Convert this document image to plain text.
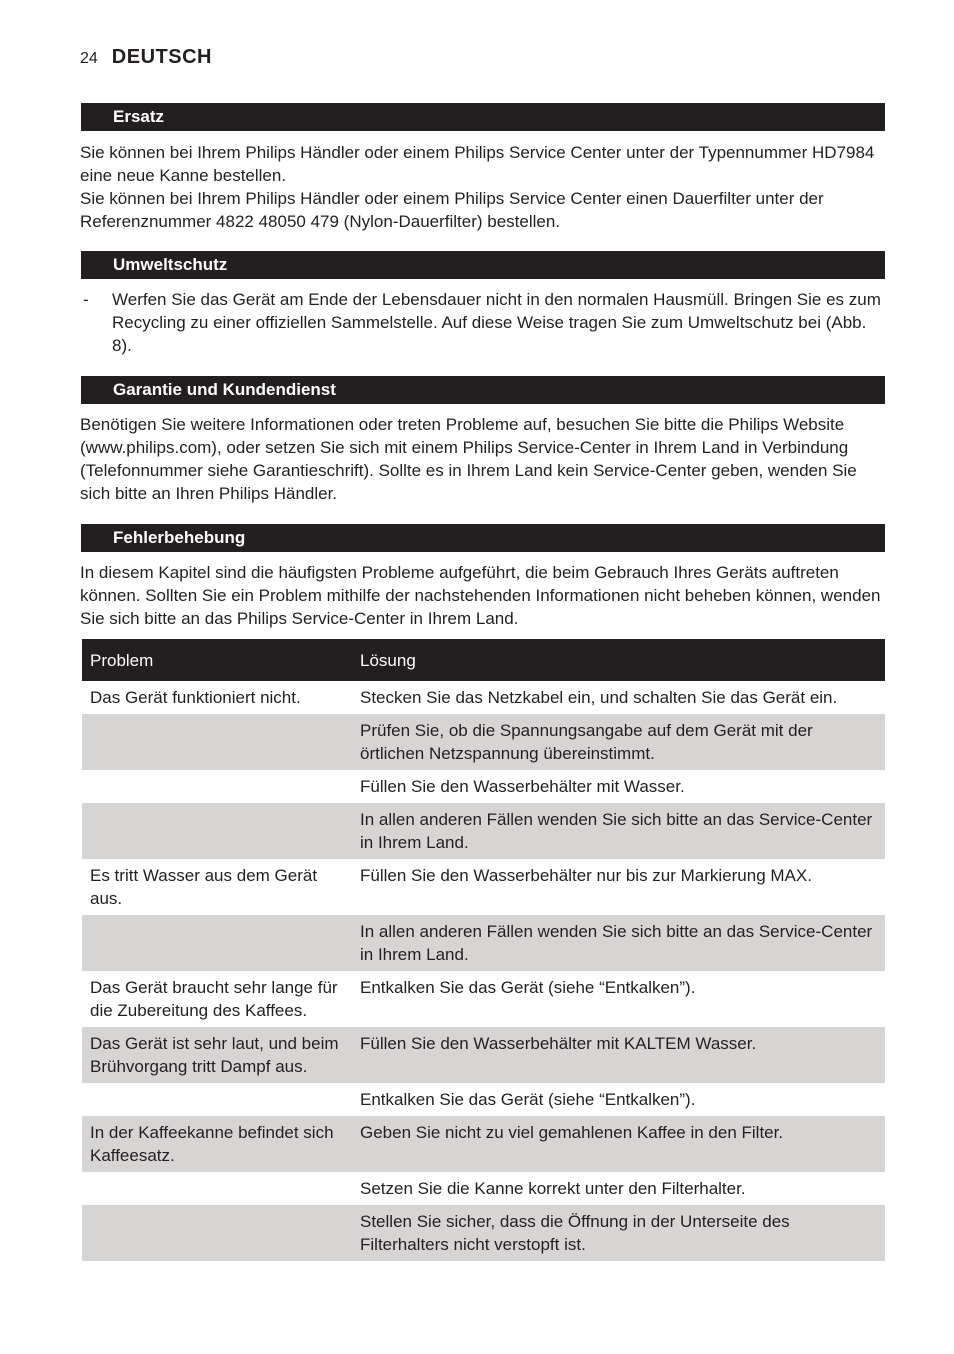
24 DEUTSCH
Ersatz
Sie können bei Ihrem Philips Händler oder einem Philips Service Center unter der Typennummer HD7984 eine neue Kanne bestellen.
Sie können bei Ihrem Philips Händler oder einem Philips Service Center einen Dauerfilter unter der Referenznummer 4822 48050 479 (Nylon-Dauerfilter) bestellen.
Umweltschutz
- Werfen Sie das Gerät am Ende der Lebensdauer nicht in den normalen Hausmüll. Bringen Sie es zum Recycling zu einer offiziellen Sammelstelle. Auf diese Weise tragen Sie zum Umweltschutz bei (Abb. 8).
Garantie und Kundendienst
Benötigen Sie weitere Informationen oder treten Probleme auf, besuchen Sie bitte die Philips Website (www.philips.com), oder setzen Sie sich mit einem Philips Service-Center in Ihrem Land in Verbindung (Telefonnummer siehe Garantieschrift). Sollte es in Ihrem Land kein Service-Center geben, wenden Sie sich bitte an Ihren Philips Händler.
Fehlerbehebung
In diesem Kapitel sind die häufigsten Probleme aufgeführt, die beim Gebrauch Ihres Geräts auftreten können. Sollten Sie ein Problem mithilfe der nachstehenden Informationen nicht beheben können, wenden Sie sich bitte an das Philips Service-Center in Ihrem Land.
Problem	Lösung
Das Gerät funktioniert nicht.	Stecken Sie das Netzkabel ein, und schalten Sie das Gerät ein.
	Prüfen Sie, ob die Spannungsangabe auf dem Gerät mit der örtlichen Netzspannung übereinstimmt.
	Füllen Sie den Wasserbehälter mit Wasser.
	In allen anderen Fällen wenden Sie sich bitte an das Service-Center in Ihrem Land.
Es tritt Wasser aus dem Gerät aus.	Füllen Sie den Wasserbehälter nur bis zur Markierung MAX.
	In allen anderen Fällen wenden Sie sich bitte an das Service-Center in Ihrem Land.
Das Gerät braucht sehr lange für die Zubereitung des Kaffees.	Entkalken Sie das Gerät (siehe “Entkalken”).
Das Gerät ist sehr laut, und beim Brühvorgang tritt Dampf aus.	Füllen Sie den Wasserbehälter mit KALTEM Wasser.
	Entkalken Sie das Gerät (siehe “Entkalken”).
In der Kaffeekanne befindet sich Kaffeesatz.	Geben Sie nicht zu viel gemahlenen Kaffee in den Filter.
	Setzen Sie die Kanne korrekt unter den Filterhalter.
	Stellen Sie sicher, dass die Öffnung in der Unterseite des Filterhalters nicht verstopft ist.
